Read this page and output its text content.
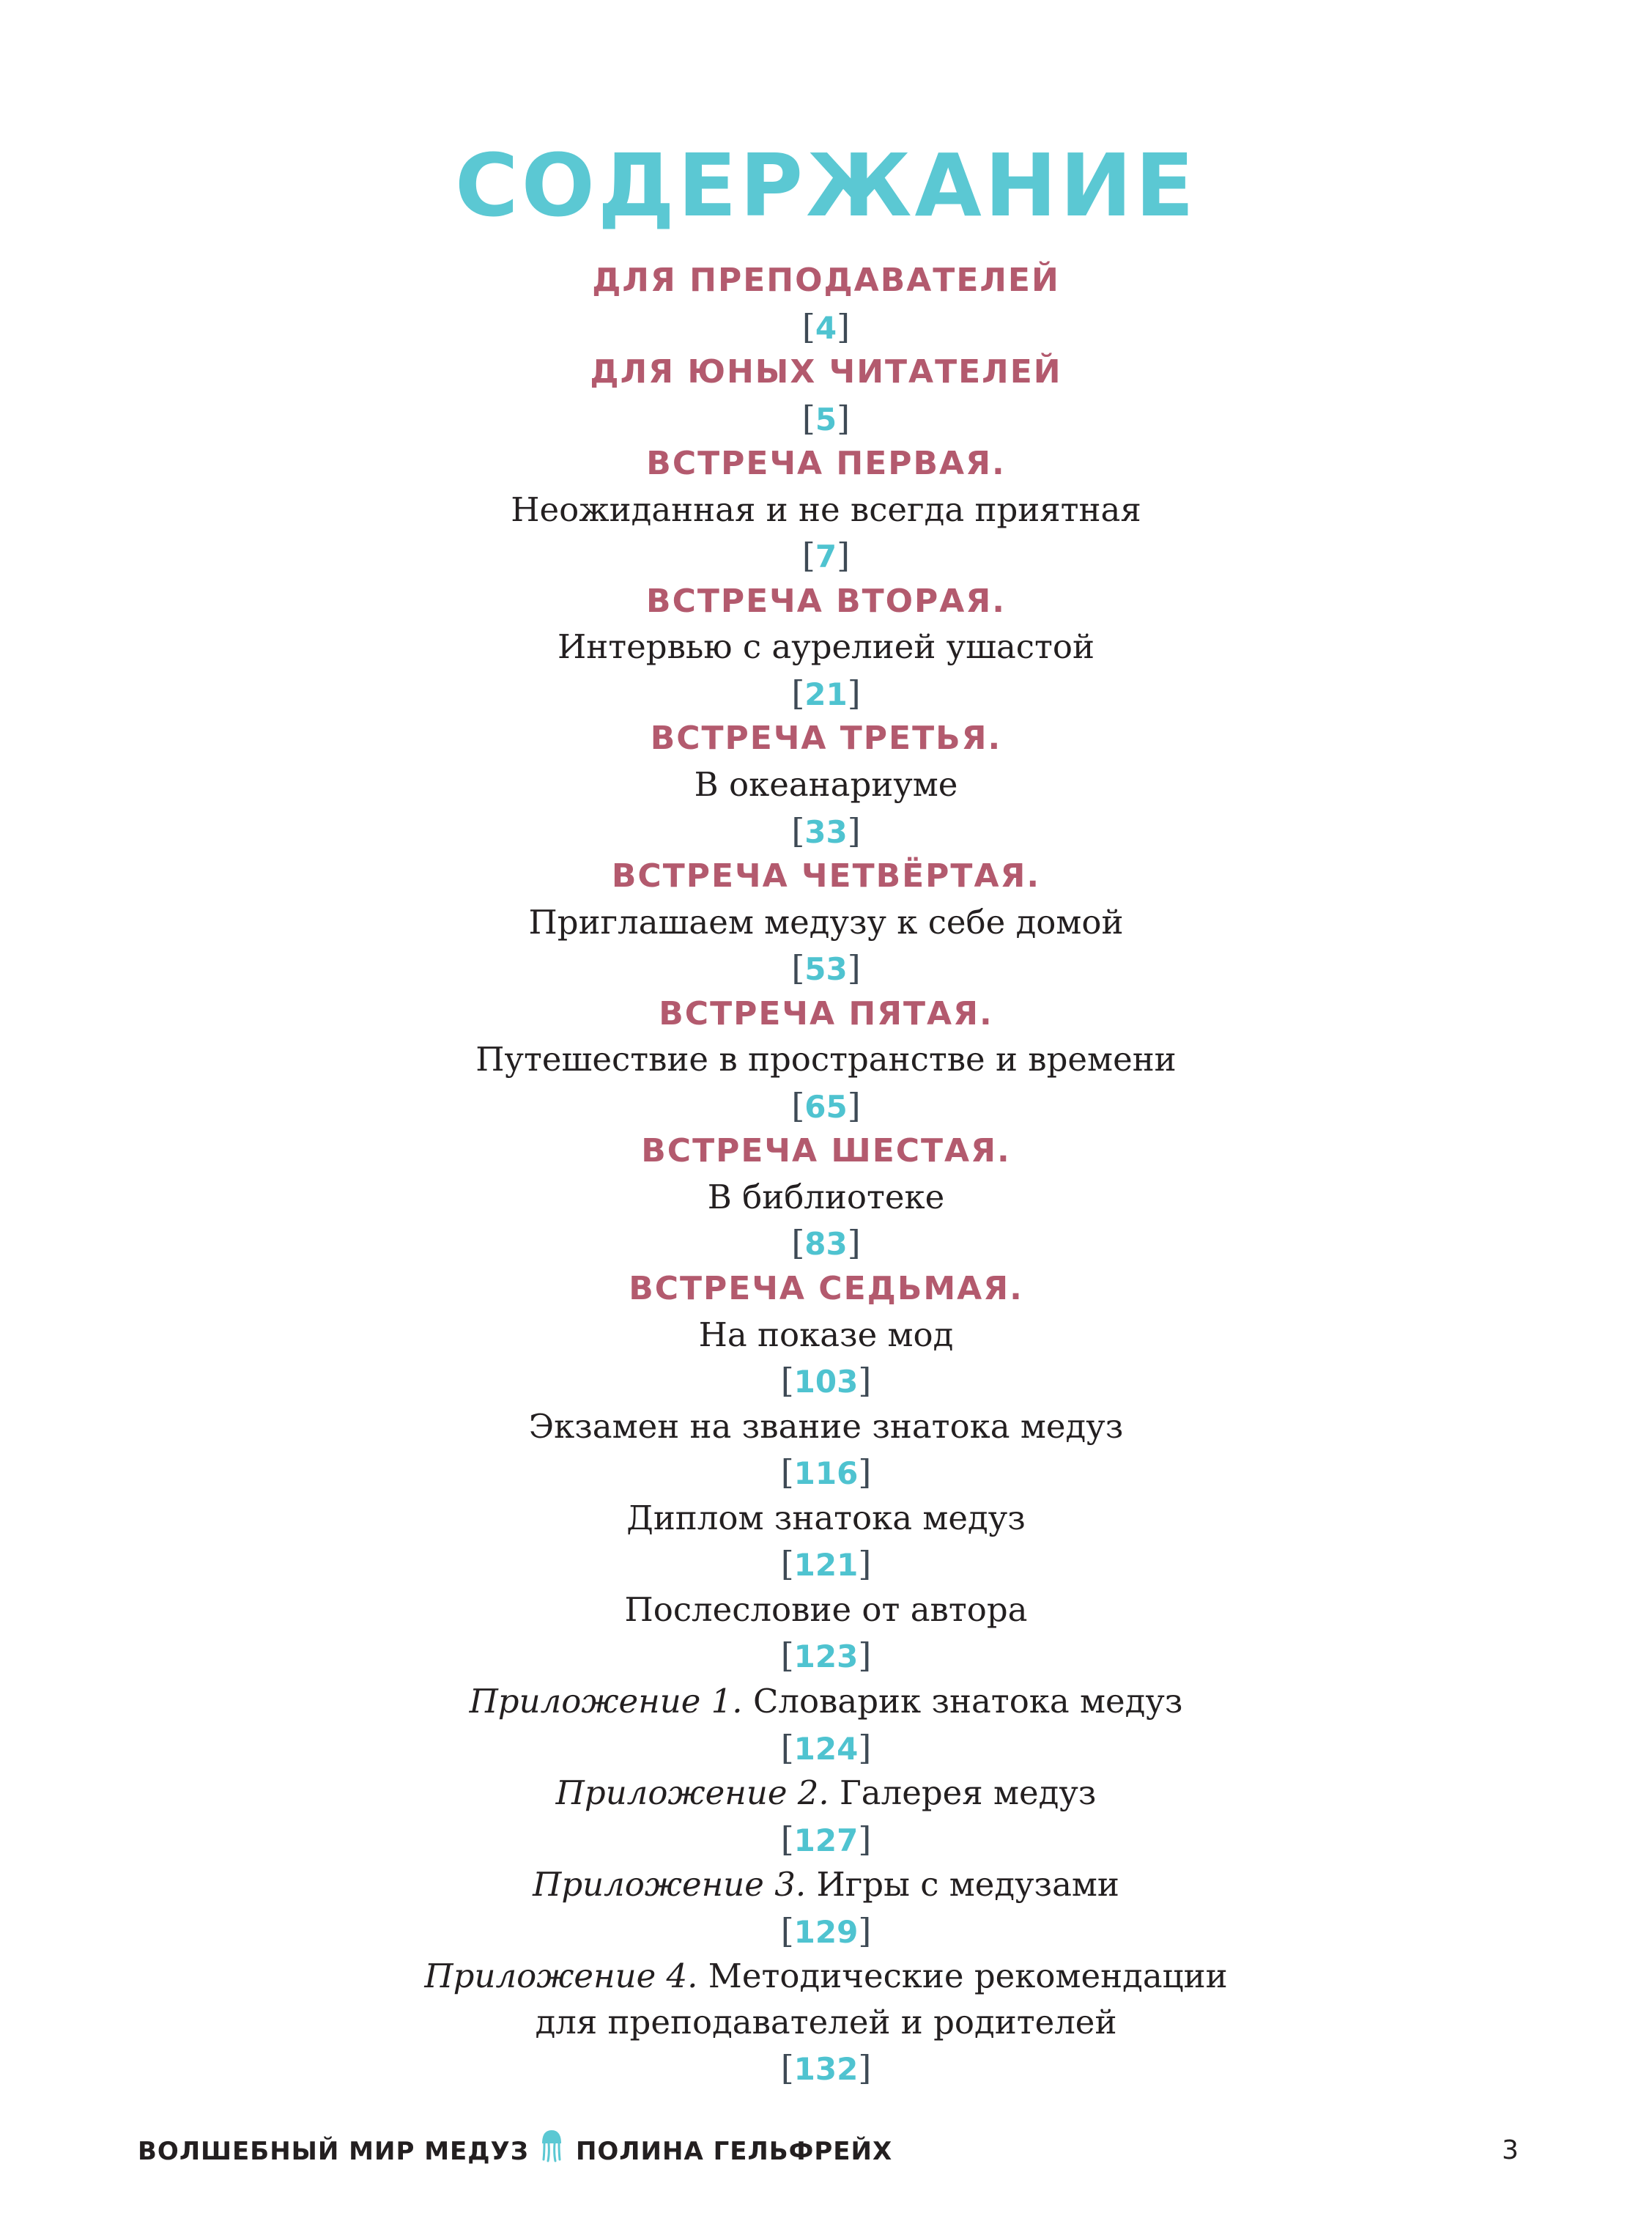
СОДЕРЖАНИЕ
ДЛЯ ПРЕПОДАВАТЕЛЕЙ
[4]
ДЛЯ ЮНЫХ ЧИТАТЕЛЕЙ
[5]
ВСТРЕЧА ПЕРВАЯ.
Неожиданная и не всегда приятная
[7]
ВСТРЕЧА ВТОРАЯ.
Интервью с аурелией ушастой
[21]
ВСТРЕЧА ТРЕТЬЯ.
В океанариуме
[33]
ВСТРЕЧА ЧЕТВЁРТАЯ.
Приглашаем медузу к себе домой
[53]
ВСТРЕЧА ПЯТАЯ.
Путешествие в пространстве и времени
[65]
ВСТРЕЧА ШЕСТАЯ.
В библиотеке
[83]
ВСТРЕЧА СЕДЬМАЯ.
На показе мод
[103]
Экзамен на звание знатока медуз
[116]
Диплом знатока медуз
[121]
Послесловие от автора
[123]
Приложение 1. Словарик знатока медуз
[124]
Приложение 2. Галерея медуз
[127]
Приложение 3. Игры с медузами
[129]
Приложение 4. Методические рекомендации
для преподавателей и родителей
[132]
ВОЛШЕБНЫЙ МИР МЕДУЗ ПОЛИНА ГЕЛЬФРЕЙХ	3
